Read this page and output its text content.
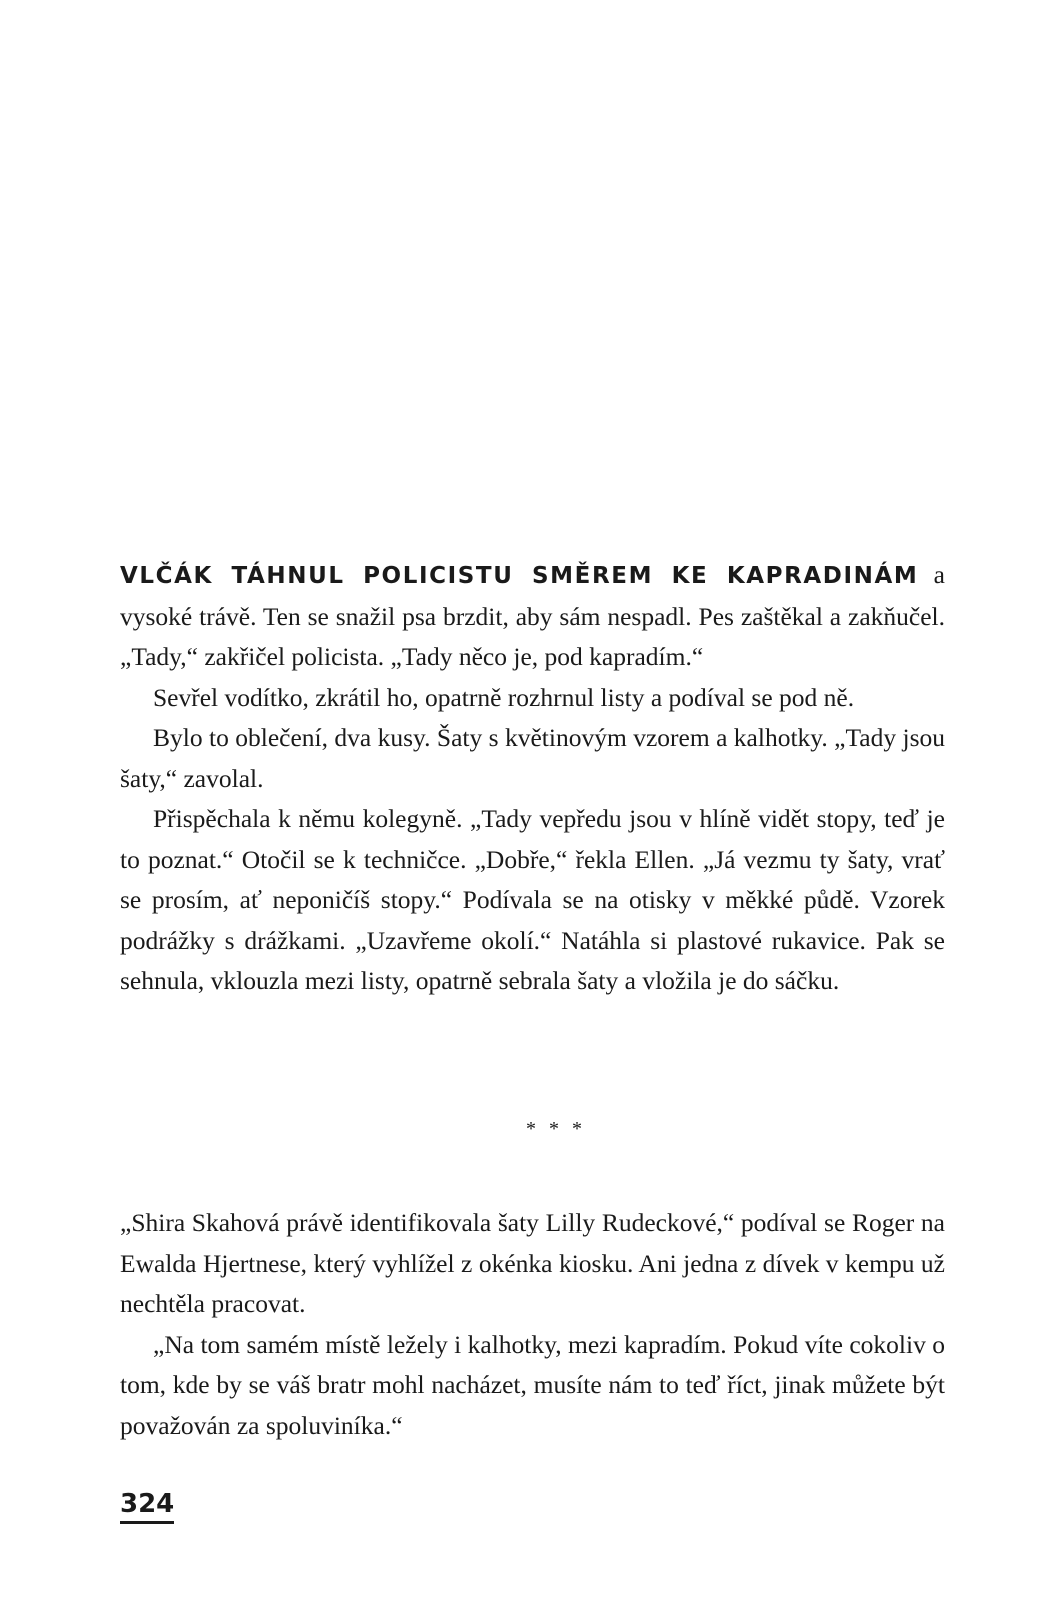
VLČÁK TÁHNUL POLICISTU SMĚREM KE KAPRADINÁM a vysoké trávě. Ten se snažil psa brzdit, aby sám nespadl. Pes zaštěkal a zakňučel. „Tady,“ zakřičel policista. „Tady něco je, pod kapradím.“

Sevřel vodítko, zkrátil ho, opatrně rozhrnul listy a podíval se pod ně.

Bylo to oblečení, dva kusy. Šaty s květinovým vzorem a kalhotky. „Tady jsou šaty,“ zavolal.

Přispěchala k němu kolegyně. „Tady vepředu jsou v hlíně vidět stopy, teď je to poznat.“ Otočil se k techničce. „Dobře,“ řekla Ellen. „Já vezmu ty šaty, vrať se prosím, ať neponičíš stopy.“ Podívala se na otisky v měkké půdě. Vzorek podrážky s drážkami. „Uzavřeme okolí.“ Natáhla si plastové rukavice. Pak se sehnula, vklouzla mezi listy, opatrně sebrala šaty a vložila je do sáčku.

* * *

„Shira Skahová právě identifikovala šaty Lilly Rudeckové,“ podíval se Roger na Ewalda Hjertnese, který vyhlížel z okénka kiosku. Ani jedna z dívek v kempu už nechtěla pracovat.

„Na tom samém místě ležely i kalhotky, mezi kapradím. Pokud víte cokoliv o tom, kde by se váš bratr mohl nacházet, musíte nám to teď říct, jinak můžete být považován za spoluviníka.“

324
